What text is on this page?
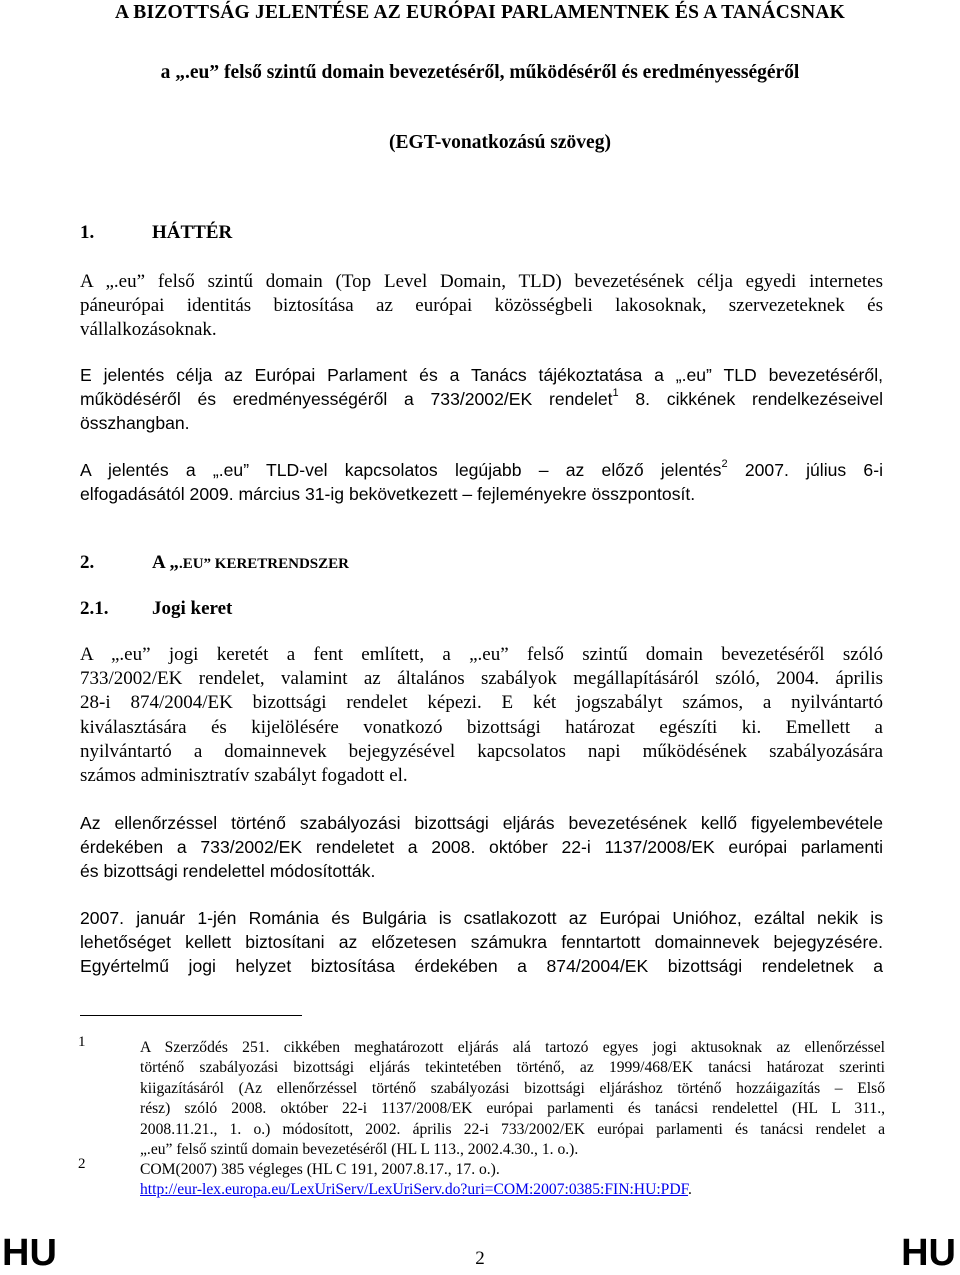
A BIZOTTSÁG JELENTÉSE AZ EURÓPAI PARLAMENTNEK ÉS A TANÁCSNAK
a „.eu” felső szintű domain bevezetéséről, működéséről és eredményességéről
(EGT-vonatkozású szöveg)
1.	HÁTTÉR
A „.eu” felső szintű domain (Top Level Domain, TLD) bevezetésének célja egyedi internetes
páneurópai identitás biztosítása az európai közösségbeli lakosoknak, szervezeteknek és
vállalkozásoknak.
E jelentés célja az Európai Parlament és a Tanács tájékoztatása a „.eu” TLD bevezetéséről,
működéséről és eredményességéről a 733/2002/EK rendelet$^1$ 8. cikkének rendelkezéseivel
összhangban.
A jelentés a „.eu” TLD-vel kapcsolatos legújabb – az előző jelentés$^2$ 2007. július 6-i
elfogadásától 2009. március 31-ig bekövetkezett – fejleményekre összpontosít.
2.	A „.EU” KERETRENDSZER
2.1. Jogi keret
A „.eu” jogi keretét a fent említett, a „.eu” felső szintű domain bevezetéséről szóló
733/2002/EK rendelet, valamint az általános szabályok megállapításáról szóló, 2004. április
28-i 874/2004/EK bizottsági rendelet képezi. E két jogszabályt számos, a nyilvántartó
kiválasztására és kijelölésére vonatkozó bizottsági határozat egészíti ki. Emellett a
nyilvántartó a domainnevek bejegyzésével kapcsolatos napi működésének szabályozására
számos adminisztratív szabályt fogadott el.
Az ellenőrzéssel történő szabályozási bizottsági eljárás bevezetésének kellő figyelembevétele
érdekében a 733/2002/EK rendeletet a 2008. október 22-i 1137/2008/EK európai parlamenti
és bizottsági rendelettel módosították.
2007. január 1-jén Románia és Bulgária is csatlakozott az Európai Unióhoz, ezáltal nekik is
lehetőséget kellett biztosítani az előzetesen számukra fenntartott domainnevek bejegyzésére.
Egyértelmű jogi helyzet biztosítása érdekében a 874/2004/EK bizottsági rendeletnek a
1	A Szerződés 251. cikkében meghatározott eljárás alá tartozó egyes jogi aktusoknak az ellenőrzéssel
történő szabályozási bizottsági eljárás tekintetében történő, az 1999/468/EK tanácsi határozat szerinti
kiigazításáról (Az ellenőrzéssel történő szabályozási bizottsági eljáráshoz történő hozzáigazítás – Első
rész) szóló 2008. október 22-i 1137/2008/EK európai parlamenti és tanácsi rendelettel (HL L 311.,
2008.11.21., 1. o.) módosított, 2002. április 22-i 733/2002/EK európai parlamenti és tanácsi rendelet a
„.eu” felső szintű domain bevezetéséről (HL L 113., 2002.4.30., 1. o.).
2	COM(2007) 385 végleges (HL C 191, 2007.8.17., 17. o.).
http://eur-lex.europa.eu/LexUriServ/LexUriServ.do?uri=COM:2007:0385:FIN:HU:PDF.
HU	2	HU
